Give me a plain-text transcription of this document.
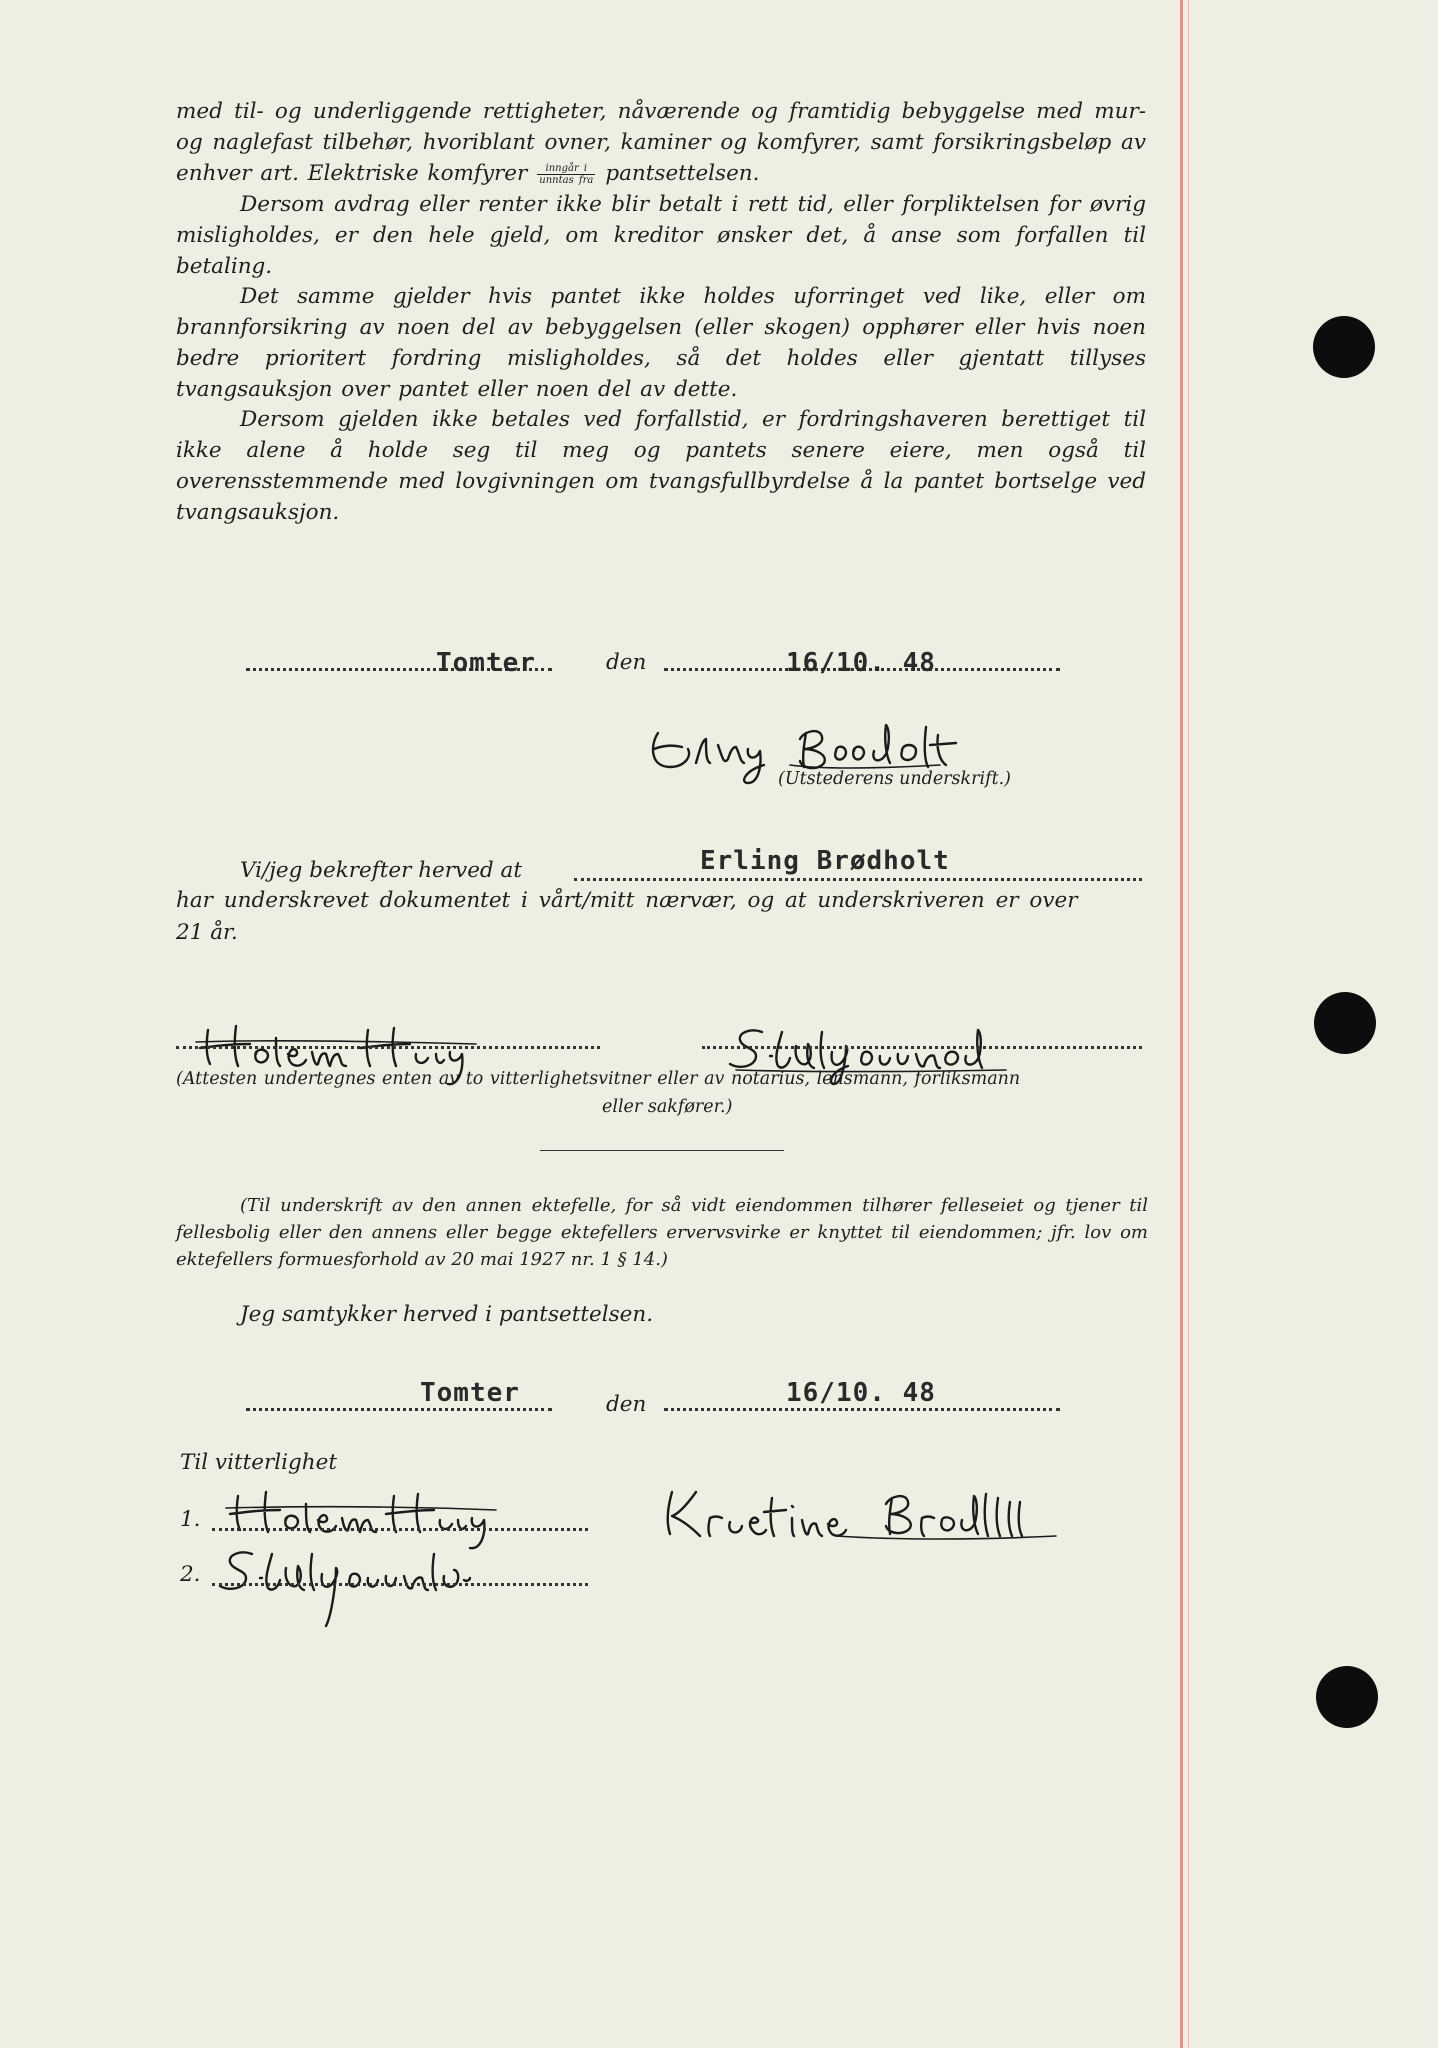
med til- og underliggende rettigheter, nåværende og framtidig bebyggelse med mur- og naglefast tilbehør, hvoriblant ovner, kaminer og komfyrer, samt forsikringsbeløp av enhver art. Elektriske komfyrer $\frac{\text{inngår i}}{\text{unntas fra}}$ pantsettelsen.

Dersom avdrag eller renter ikke blir betalt i rett tid, eller forpliktelsen for øvrig misligholdes, er den hele gjeld, om kreditor ønsker det, å anse som forfallen til betaling.

Det samme gjelder hvis pantet ikke holdes uforringet ved like, eller om brannforsikring av noen del av bebyggelsen (eller skogen) opphører eller hvis noen bedre prioritert fordring misligholdes, så det holdes eller gjentatt tillyses tvangsauksjon over pantet eller noen del av dette.

Dersom gjelden ikke betales ved forfallstid, er fordringshaveren berettiget til ikke alene å holde seg til meg og pantets senere eiere, men også til overensstemmende med lovgivningen om tvangsfullbyrdelse å la pantet bortselge ved tvangsauksjon.

Tomter	den	16/10. 48
(Utstederens underskrift.)
Vi/jeg bekrefter herved at	Erling Brødholt
har underskrevet dokumentet i vårt/mitt nærvær, og at underskriveren er over
21 år.
(Attesten undertegnes enten av to vitterlighetsvitner eller av notarius, lensmann, forliksmann
eller sakfører.)
(Til underskrift av den annen ektefelle, for så vidt eiendommen tilhører felleseiet og tjener til fellesbolig eller den annens eller begge ektefellers ervervsvirke er knyttet til eiendommen; jfr. lov om ektefellers formuesforhold av 20 mai 1927 nr. 1 § 14.)
Jeg samtykker herved i pantsettelsen.
Tomter	den	16/10. 48
Til vitterlighet
1.
2.
